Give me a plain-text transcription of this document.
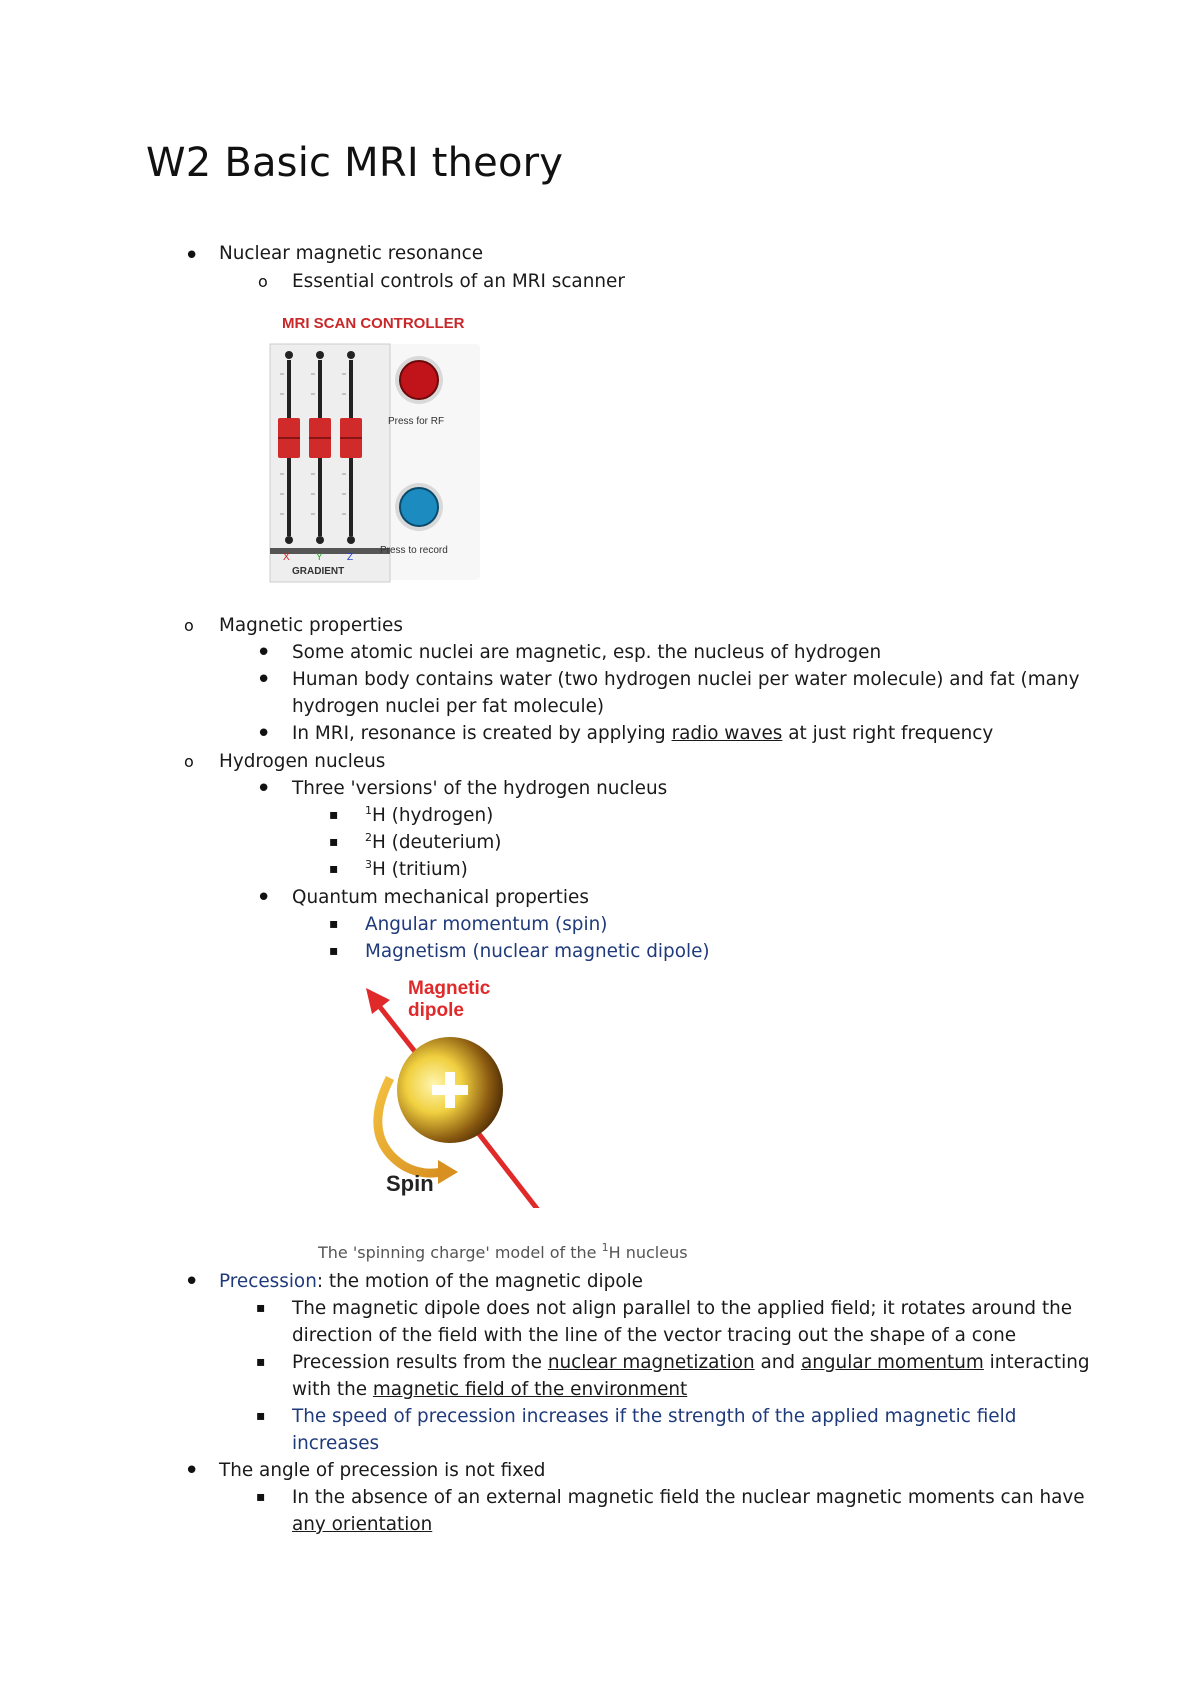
W2 Basic MRI theory
• Nuclear magnetic resonance
o Essential controls of an MRI scanner
MRI SCAN CONTROLLER
Press for RF
Press to record
X	Y Z
GRADIENT
o Magnetic properties
• Some atomic nuclei are magnetic, esp. the nucleus of hydrogen
• Human body contains water (two hydrogen nuclei per water molecule) and fat (many hydrogen nuclei per fat molecule)
• In MRI, resonance is created by applying radio waves at just right frequency
o Hydrogen nucleus
• Three 'versions' of the hydrogen nucleus
▪ $^1$H (hydrogen)
▪ $^2$H (deuterium)
▪ $^3$H (tritium)
• Quantum mechanical properties
▪ Angular momentum (spin)
▪ Magnetism (nuclear magnetic dipole)
Magnetic
dipole
Spin
The 'spinning charge' model of the $^1$H nucleus
• Precession: the motion of the magnetic dipole
▪ The magnetic dipole does not align parallel to the applied field; it rotates around the direction of the field with the line of the vector tracing out the shape of a cone
▪ Precession results from the nuclear magnetization and angular momentum interacting with the magnetic field of the environment
▪ The speed of precession increases if the strength of the applied magnetic field increases
• The angle of precession is not fixed
▪ In the absence of an external magnetic field the nuclear magnetic moments can have any orientation
